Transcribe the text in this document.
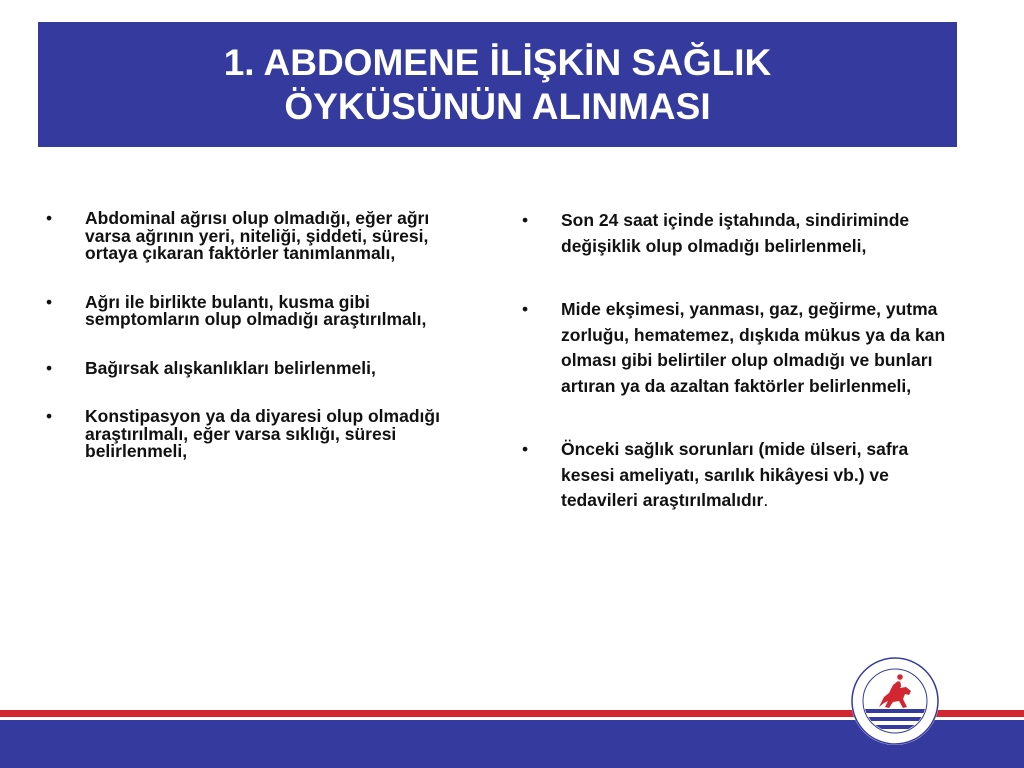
1. ABDOMENE İLİŞKİN SAĞLIK
ÖYKÜSÜNÜN ALINMASI
• Abdominal ağrısı olup olmadığı, eğer ağrı varsa ağrının yeri, niteliği, şiddeti, süresi, ortaya çıkaran faktörler tanımlanmalı,
• Ağrı ile birlikte bulantı, kusma gibi semptomların olup olmadığı araştırılmalı,
• Bağırsak alışkanlıkları belirlenmeli,
• Konstipasyon ya da diyaresi olup olmadığı araştırılmalı, eğer varsa sıklığı, süresi belirlenmeli,
• Son 24 saat içinde iştahında, sindiriminde değişiklik olup olmadığı belirlenmeli,
• Mide ekşimesi, yanması, gaz, geğirme, yutma zorluğu, hematemez, dışkıda mükus ya da kan olması gibi belirtiler olup olmadığı ve bunları artıran ya da azaltan faktörler belirlenmeli,
• Önceki sağlık sorunları (mide ülseri, safra kesesi ameliyatı, sarılık hikâyesi vb.) ve tedavileri araştırılmalıdır.
